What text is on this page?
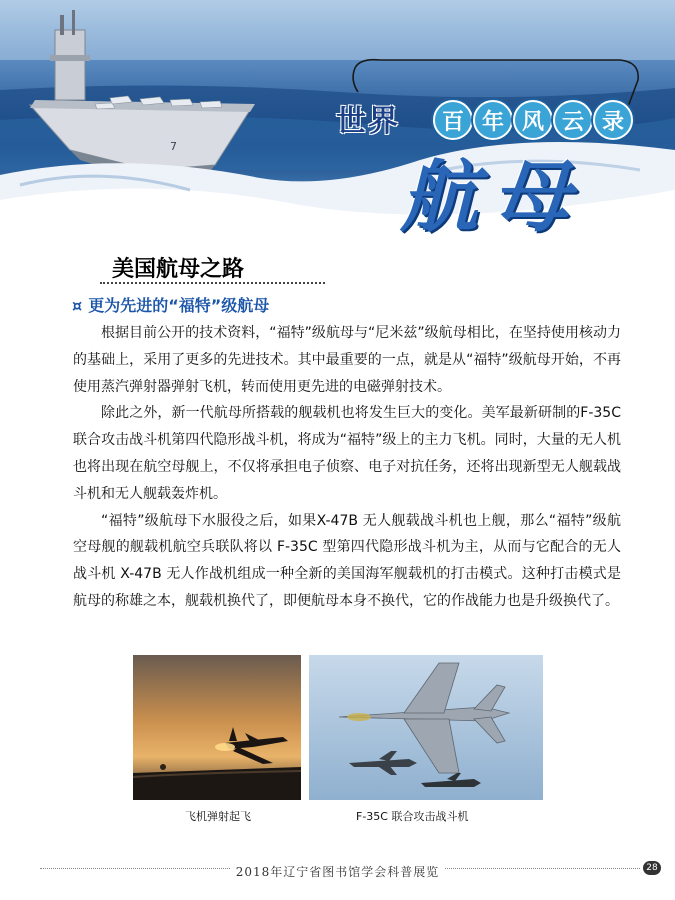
7
世界	百 年 风 云 录
航母
美国航母之路
¤ 更为先进的“福特”级航母

根据目前公开的技术资料，“福特”级航母与“尼米兹”级航母相比，在坚持使用核动力的基础上，采用了更多的先进技术。其中最重要的一点，就是从“福特”级航母开始，不再使用蒸汽弹射器弹射飞机，转而使用更先进的电磁弹射技术。

除此之外，新一代航母所搭载的舰载机也将发生巨大的变化。美军最新研制的F-35C 联合攻击战斗机第四代隐形战斗机，将成为“福特”级上的主力飞机。同时，大量的无人机也将出现在航空母舰上，不仅将承担电子侦察、电子对抗任务，还将出现新型无人舰载战斗机和无人舰载轰炸机。

“福特”级航母下水服役之后，如果X-47B 无人舰载战斗机也上舰，那么“福特”级航空母舰的舰载机航空兵联队将以 F-35C 型第四代隐形战斗机为主，从而与它配合的无人战斗机 X-47B 无人作战机组成一种全新的美国海军舰载机的打击模式。这种打击模式是航母的称雄之本，舰载机换代了，即便航母本身不换代，它的作战能力也是升级换代了。

飞机弹射起飞	F-35C 联合攻击战斗机
2018年辽宁省图书馆学会科普展览	28
